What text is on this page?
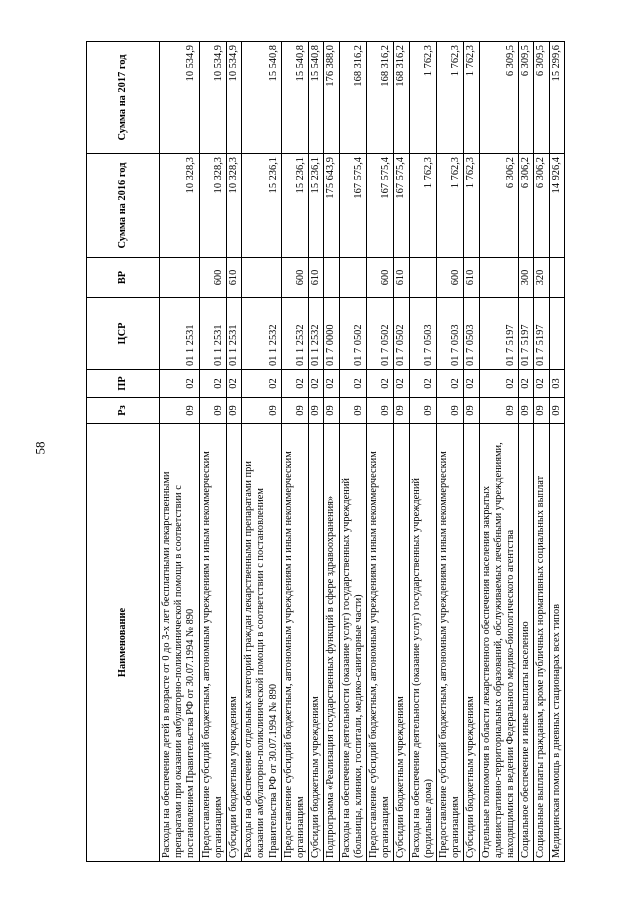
58
Наименование	Рз	ПР	ЦСР	ВР	Сумма на 2016 год	Сумма на 2017 год
Расходы на обеспечение детей в возрасте от 0 до 3-х лет бесплатными лекарственными препаратами при оказании амбулаторно-поликлинической помощи в соответствии с постановлением Правительства РФ от 30.07.1994 № 890	09	02	01 1 2531		10 328,3	10 534,9
Предоставление субсидий бюджетным, автономным учреждениям и иным некоммерческим организациям	09	02	01 1 2531	600	10 328,3	10 534,9
Субсидии бюджетным учреждениям	09	02	01 1 2531	610	10 328,3	10 534,9
Расходы на обеспечение отдельных категорий граждан лекарственными препаратами при оказании амбулаторно-поликлинической помощи в соответствии с постановлением Правительства РФ от 30.07.1994 № 890	09	02	01 1 2532		15 236,1	15 540,8
Предоставление субсидий бюджетным, автономным учреждениям и иным некоммерческим организациям	09	02	01 1 2532	600	15 236,1	15 540,8
Субсидии бюджетным учреждениям	09	02	01 1 2532	610	15 236,1	15 540,8
Подпрограмма «Реализация государственных функций в сфере здравоохранения»	09	02	01 7 0000		175 643,9	176 388,0
Расходы на обеспечение деятельности (оказание услуг) государственных учреждений (больницы, клиники, госпитали, медико-санитарные части)	09	02	01 7 0502		167 575,4	168 316,2
Предоставление субсидий бюджетным, автономным учреждениям и иным некоммерческим организациям	09	02	01 7 0502	600	167 575,4	168 316,2
Субсидии бюджетным учреждениям	09	02	01 7 0502	610	167 575,4	168 316,2
Расходы на обеспечение деятельности (оказание услуг) государственных учреждений (родильные дома)	09	02	01 7 0503		1 762,3	1 762,3
Предоставление субсидий бюджетным, автономным учреждениям и иным некоммерческим организациям	09	02	01 7 0503	600	1 762,3	1 762,3
Субсидии бюджетным учреждениям	09	02	01 7 0503	610	1 762,3	1 762,3
Отдельные полномочия в области лекарственного обеспечения населения закрытых административно-территориальных образований, обслуживаемых лечебными учреждениями, находящимися в ведении Федерального медико-биологического агентства	09	02	01 7 5197		6 306,2	6 309,5
Социальное обеспечение и иные выплаты населению	09	02	01 7 5197	300	6 306,2	6 309,5
Социальные выплаты гражданам, кроме публичных нормативных социальных выплат	09	02	01 7 5197	320	6 306,2	6 309,5
Медицинская помощь в дневных стационарах всех типов	09	03			14 926,4	15 299,6
